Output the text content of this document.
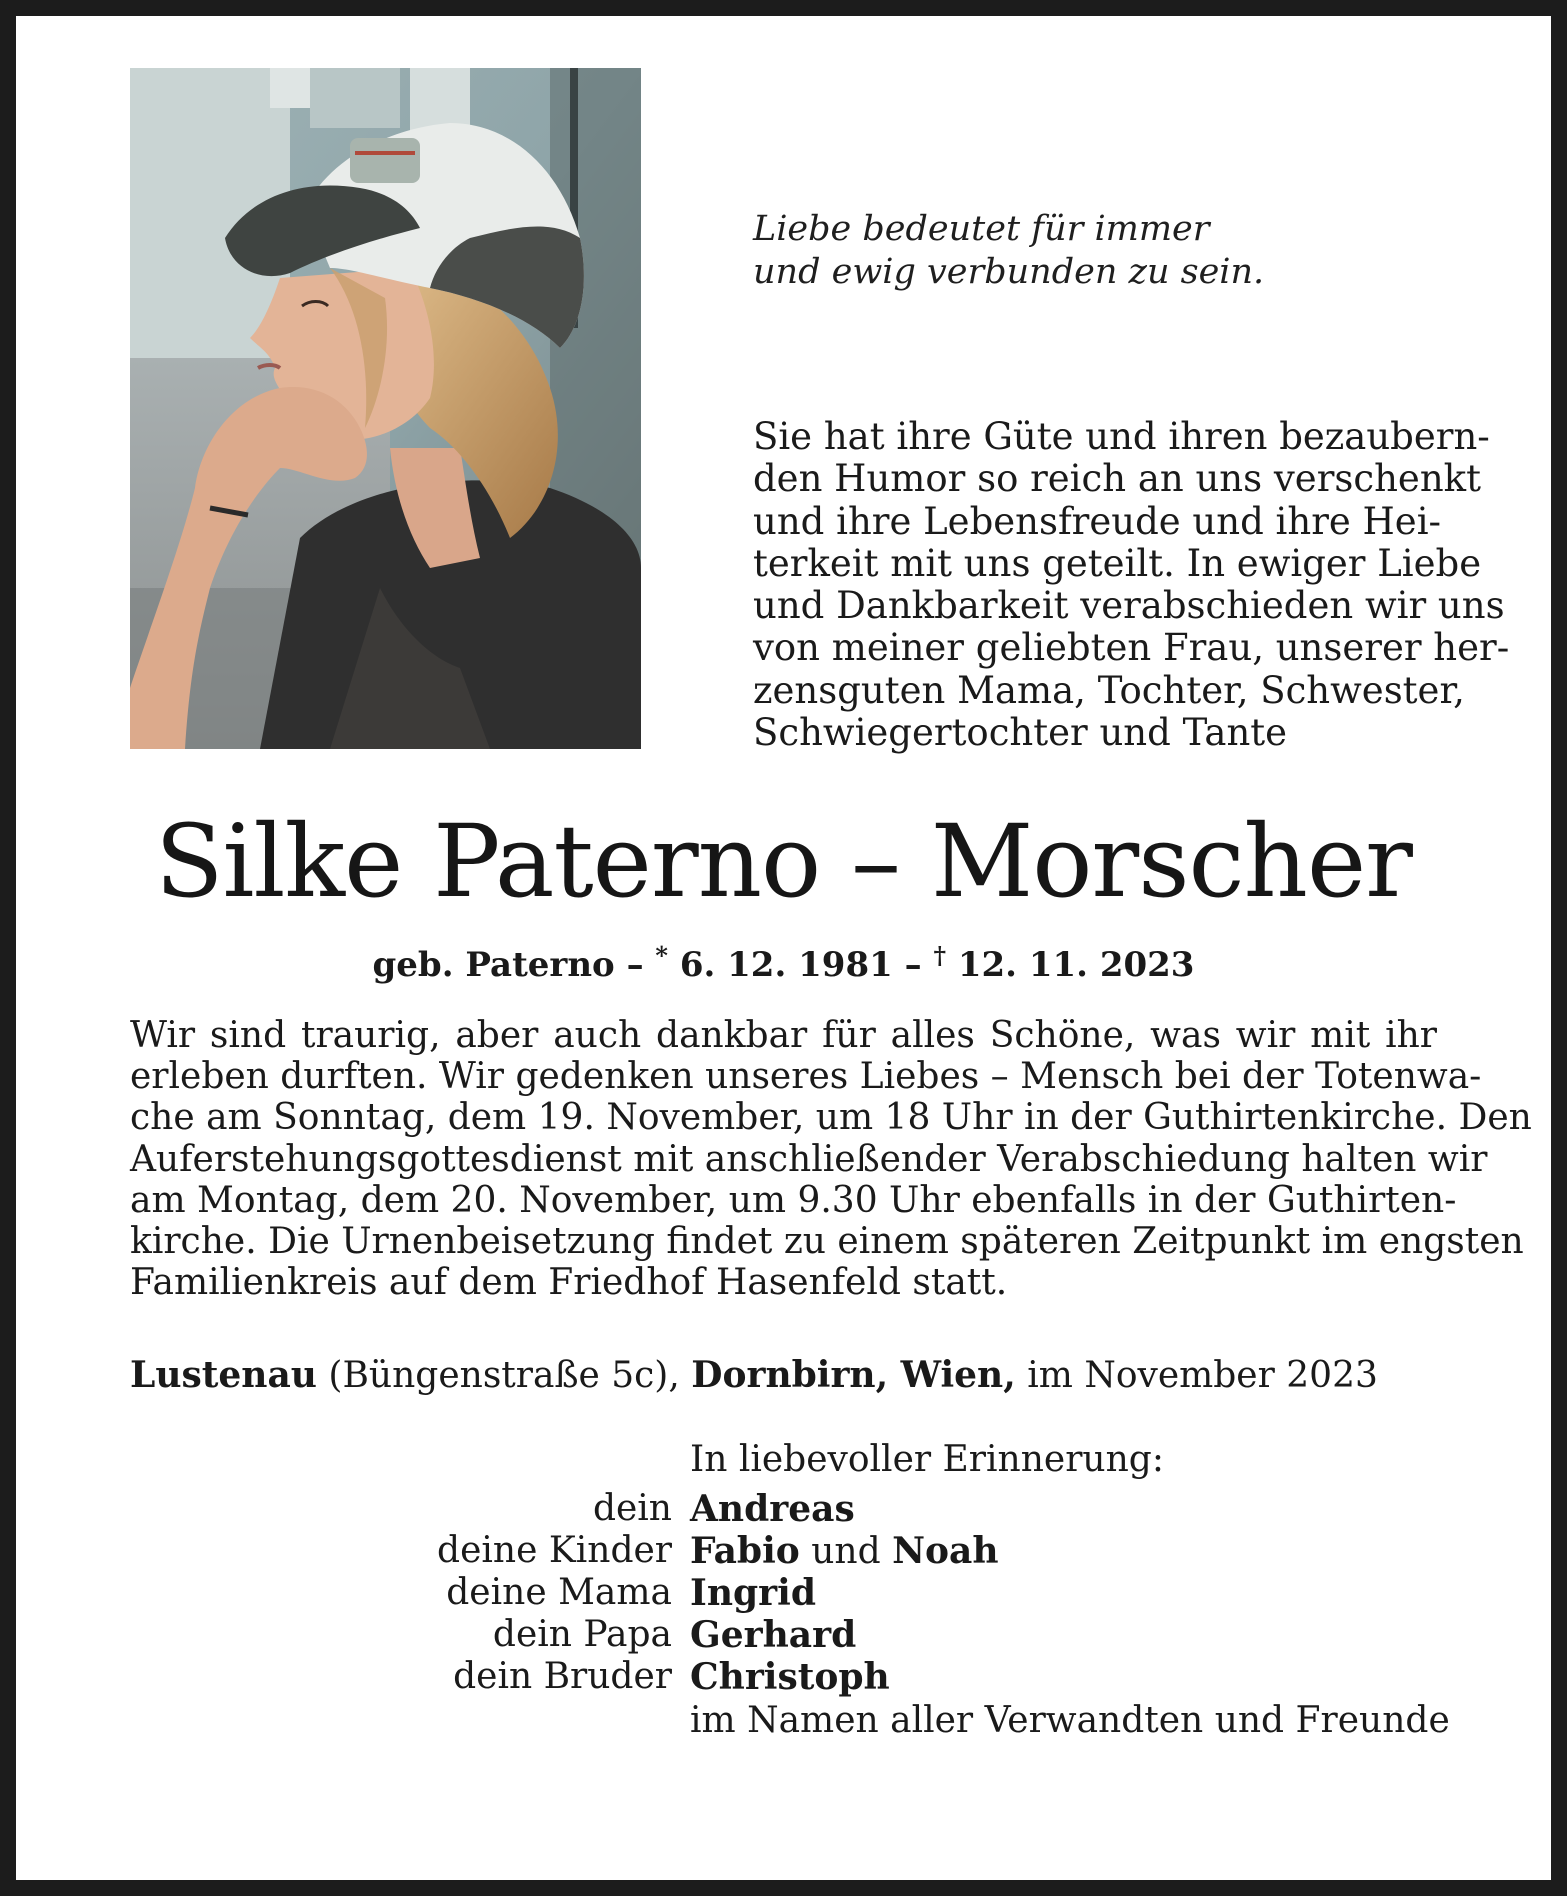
Liebe bedeutet für immer
und ewig verbunden zu sein.
Sie hat ihre Güte und ihren bezaubern-
den Humor so reich an uns verschenkt
und ihre Lebensfreude und ihre Hei-
terkeit mit uns geteilt. In ewiger Liebe
und Dankbarkeit verabschieden wir uns
von meiner geliebten Frau, unserer her-
zensguten Mama, Tochter, Schwester,
Schwiegertochter und Tante
Silke Paterno – Morscher
geb. Paterno – * 6. 12. 1981 – † 12. 11. 2023
Wir sind traurig, aber auch dankbar für alles Schöne, was wir mit ihr
erleben durften. Wir gedenken unseres Liebes – Mensch bei der Totenwa-
che am Sonntag, dem 19. November, um 18 Uhr in der Guthirtenkirche. Den
Auferstehungsgottesdienst mit anschließender Verabschiedung halten wir
am Montag, dem 20. November, um 9.30 Uhr ebenfalls in der Guthirten-
kirche. Die Urnenbeisetzung findet zu einem späteren Zeitpunkt im engsten
Familienkreis auf dem Friedhof Hasenfeld statt.
Lustenau (Büngenstraße 5c), Dornbirn, Wien, im November 2023
In liebevoller Erinnerung:
dein Andreas
deine Kinder Fabio und Noah
deine Mama Ingrid
dein Papa Gerhard
dein Bruder Christoph
im Namen aller Verwandten und Freunde
